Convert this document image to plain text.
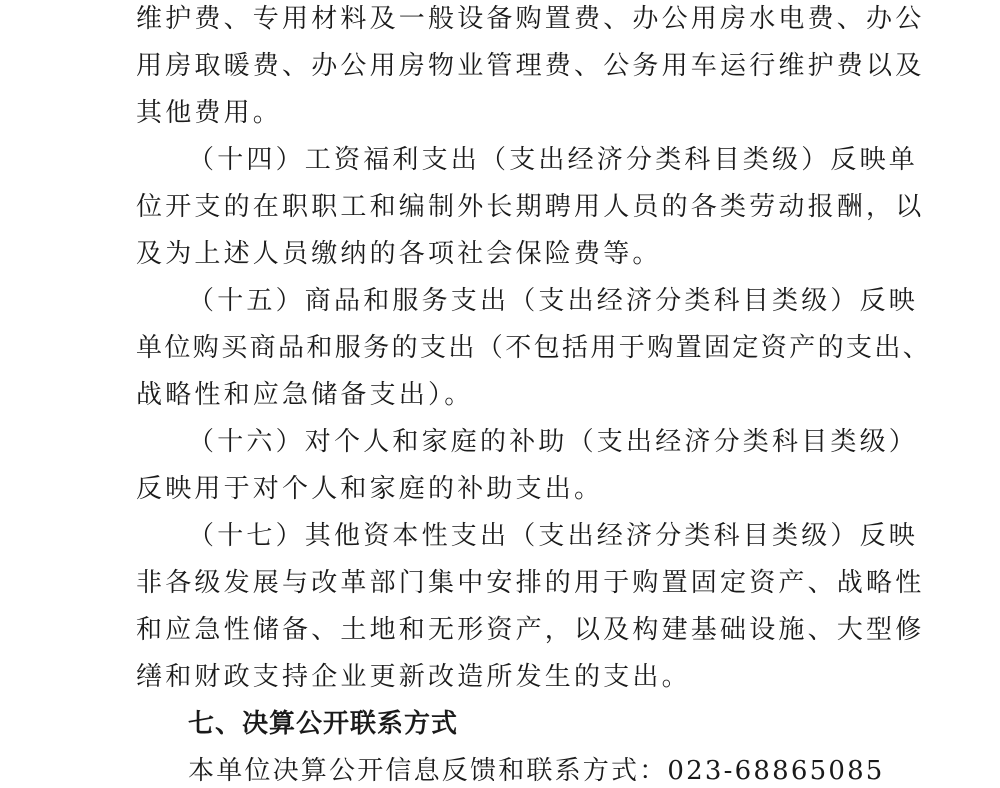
维护费、专用材料及一般设备购置费、办公用房水电费、办公
用房取暖费、办公用房物业管理费、公务用车运行维护费以及
其他费用。
（十四）工资福利支出（支出经济分类科目类级）反映单
位开支的在职职工和编制外长期聘用人员的各类劳动报酬，以
及为上述人员缴纳的各项社会保险费等。
（十五）商品和服务支出（支出经济分类科目类级）反映
单位购买商品和服务的支出（不包括用于购置固定资产的支出、
战略性和应急储备支出）。
（十六）对个人和家庭的补助（支出经济分类科目类级）
反映用于对个人和家庭的补助支出。
（十七）其他资本性支出（支出经济分类科目类级）反映
非各级发展与改革部门集中安排的用于购置固定资产、战略性
和应急性储备、土地和无形资产，以及构建基础设施、大型修
缮和财政支持企业更新改造所发生的支出。
七、决算公开联系方式
本单位决算公开信息反馈和联系方式：023-68865085
